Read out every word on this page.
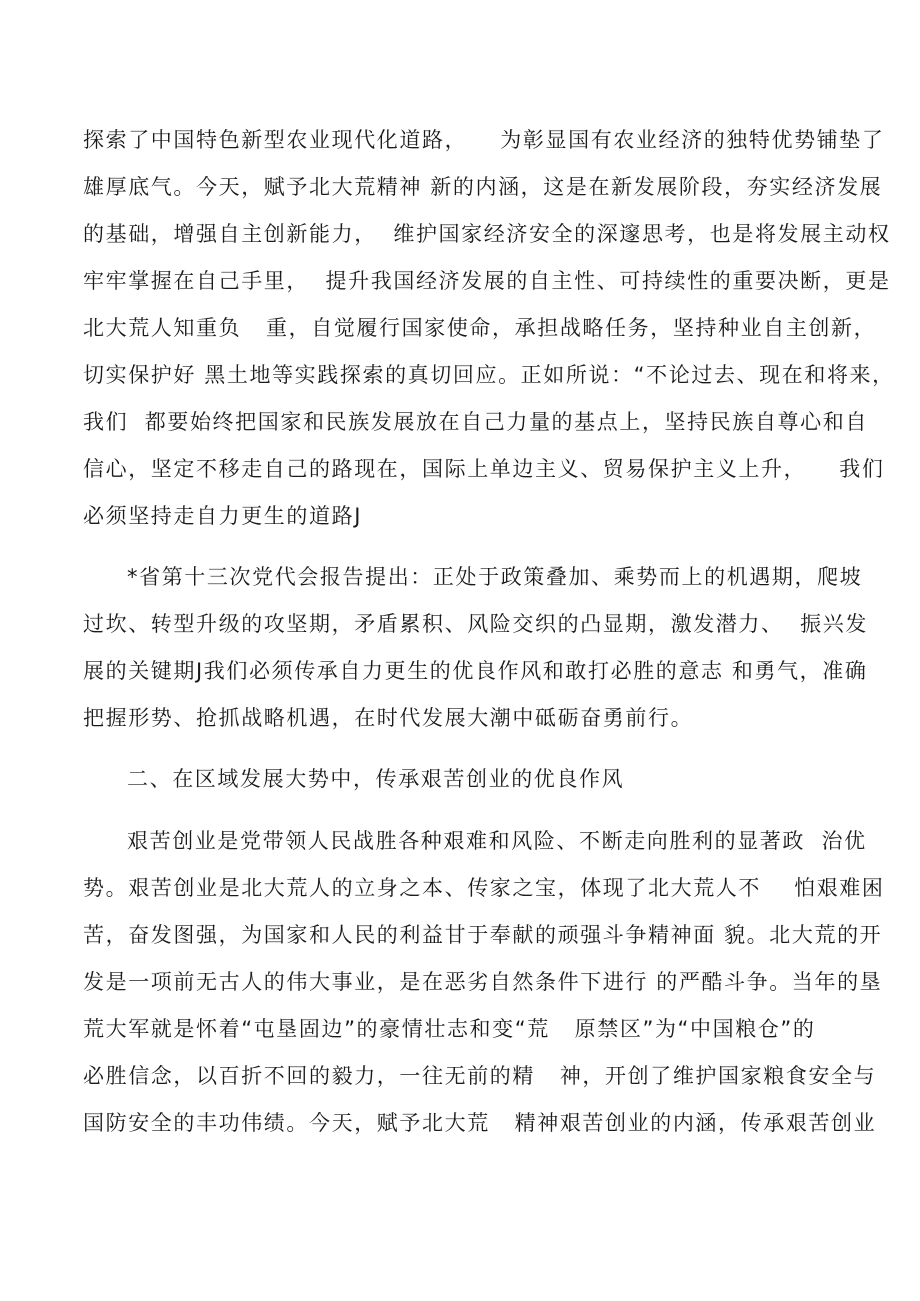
探索了中国特色新型农业现代化道路，    为彰显国有农业经济的独特优势铺垫了
雄厚底气。今天，赋予北大荒精神 新的内涵，这是在新发展阶段，夯实经济发展
的基础，增强自主创新能力，  维护国家经济安全的深邃思考，也是将发展主动权
牢牢掌握在自己手里，  提升我国经济发展的自主性、可持续性的重要决断，更是
北大荒人知重负   重，自觉履行国家使命，承担战略任务，坚持种业自主创新，
切实保护好 黑土地等实践探索的真切回应。正如所说：“不论过去、现在和将来，
我们  都要始终把国家和民族发展放在自己力量的基点上，坚持民族自尊心和自
信心，坚定不移走自己的路现在，国际上单边主义、贸易保护主义上升，    我们
必须坚持走自力更生的道路J
*省第十三次党代会报告提出：正处于政策叠加、乘势而上的机遇期，爬坡
过坎、转型升级的攻坚期，矛盾累积、风险交织的凸显期，激发潜力、  振兴发
展的关键期J我们必须传承自力更生的优良作风和敢打必胜的意志 和勇气，准确
把握形势、抢抓战略机遇，在时代发展大潮中砥砺奋勇前行。
二、在区域发展大势中，传承艰苦创业的优良作风
艰苦创业是党带领人民战胜各种艰难和风险、不断走向胜利的显著政  治优
势。艰苦创业是北大荒人的立身之本、传家之宝，体现了北大荒人不    怕艰难困
苦，奋发图强，为国家和人民的利益甘于奉献的顽强斗争精神面 貌。北大荒的开
发是一项前无古人的伟大事业，是在恶劣自然条件下进行 的严酷斗争。当年的垦
荒大军就是怀着“屯垦固边”的豪情壮志和变“荒   原禁区”为“中国粮仓”的
必胜信念，以百折不回的毅力，一往无前的精   神，开创了维护国家粮食安全与
国防安全的丰功伟绩。今天，赋予北大荒   精神艰苦创业的内涵，传承艰苦创业
